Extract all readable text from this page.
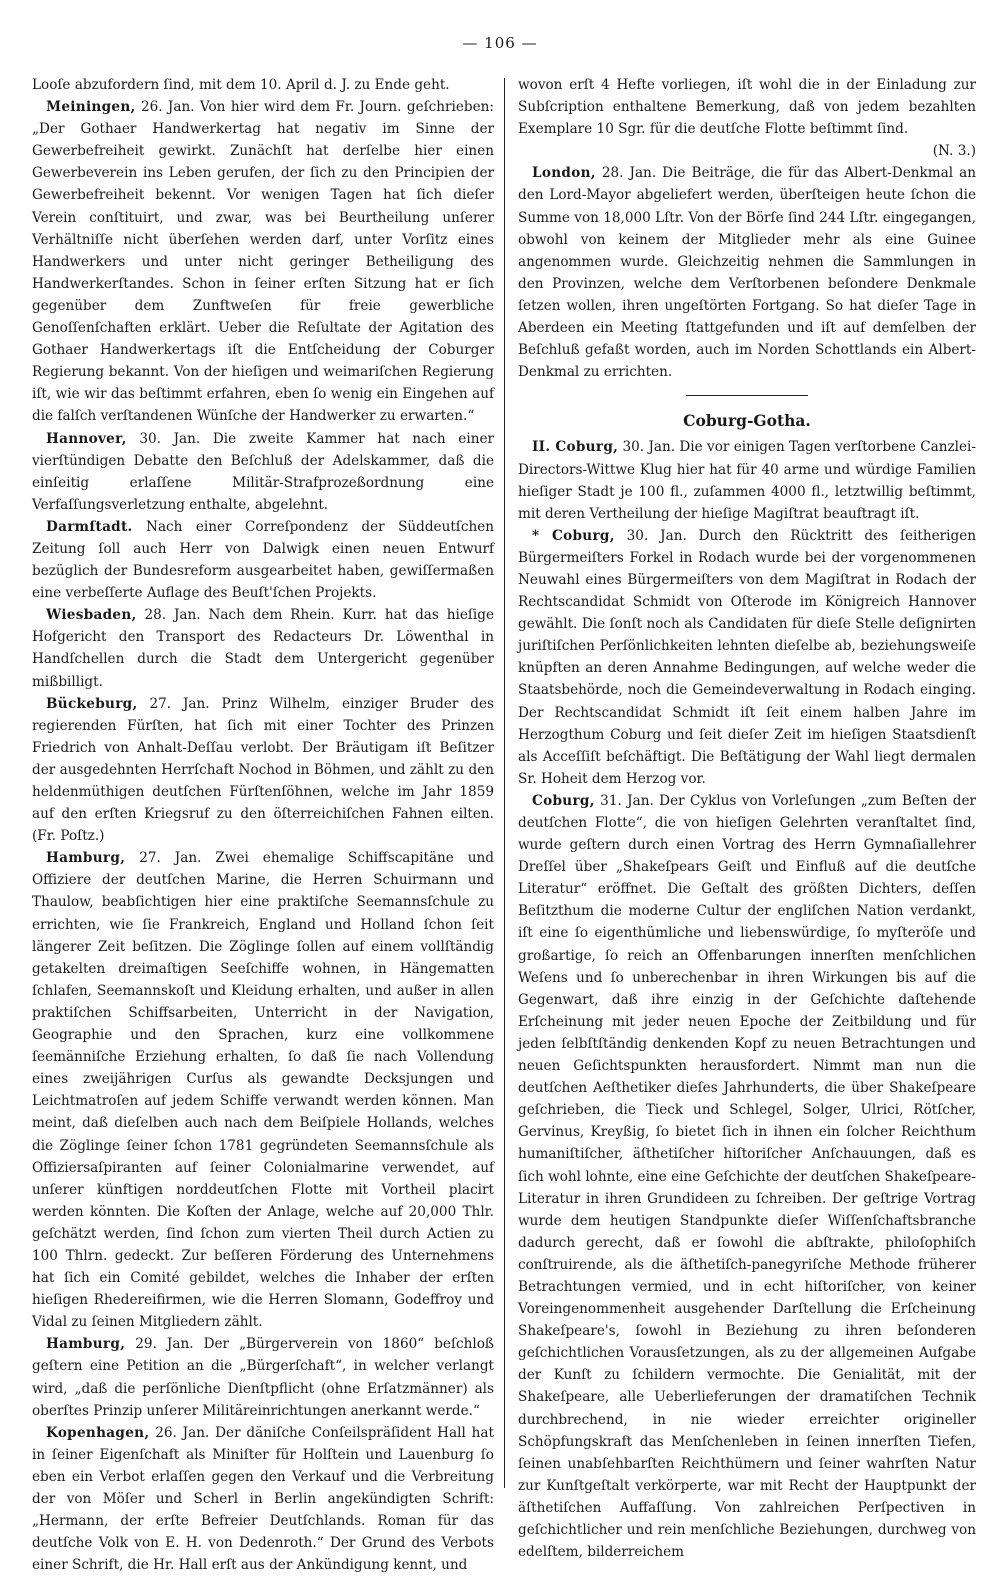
— 106 —

Looſe abzufordern ſind, mit dem 10. April d. J. zu Ende geht.

Meiningen, 26. Jan. Von hier wird dem Fr. Journ. geſchrieben: „Der Gothaer Handwerkertag hat negativ im Sinne der Gewerbefreiheit gewirkt. Zunächſt hat derſelbe hier einen Gewerbeverein ins Leben gerufen, der ſich zu den Principien der Gewerbefreiheit bekennt. Vor wenigen Tagen hat ſich dieſer Verein conſtituirt, und zwar, was bei Beurtheilung unſerer Verhältniſſe nicht überſehen werden darf, unter Vorſitz eines Handwerkers und unter nicht geringer Betheiligung des Handwerkerſtandes. Schon in ſeiner erſten Sitzung hat er ſich gegenüber dem Zunftweſen für freie gewerbliche Genoſſenſchaften erklärt. Ueber die Reſultate der Agitation des Gothaer Handwerkertags iſt die Entſcheidung der Coburger Regierung bekannt. Von der hieſigen und weimariſchen Regierung iſt, wie wir das beſtimmt erfahren, eben ſo wenig ein Eingehen auf die falſch verſtandenen Wünſche der Handwerker zu erwarten.“

Hannover, 30. Jan. Die zweite Kammer hat nach einer vierſtündigen Debatte den Beſchluß der Adelskammer, daß die einſeitig erlaſſene Militär-Strafprozeßordnung eine Verfaſſungsverletzung enthalte, abgelehnt.

Darmſtadt. Nach einer Correſpondenz der Süddeutſchen Zeitung ſoll auch Herr von Dalwigk einen neuen Entwurf bezüglich der Bundesreform ausgearbeitet haben, gewiſſermaßen eine verbeſſerte Auflage des Beuſt'ſchen Projekts.

Wiesbaden, 28. Jan. Nach dem Rhein. Kurr. hat das hieſige Hofgericht den Transport des Redacteurs Dr. Löwenthal in Handſchellen durch die Stadt dem Untergericht gegenüber mißbilligt.

Bückeburg, 27. Jan. Prinz Wilhelm, einziger Bruder des regierenden Fürſten, hat ſich mit einer Tochter des Prinzen Friedrich von Anhalt-Deſſau verlobt. Der Bräutigam iſt Beſitzer der ausgedehnten Herrſchaft Nochod in Böhmen, und zählt zu den heldenmüthigen deutſchen Fürſtenſöhnen, welche im Jahr 1859 auf den erſten Kriegsruf zu den öſterreichiſchen Fahnen eilten. (Fr. Poſtz.)

Hamburg, 27. Jan. Zwei ehemalige Schiffscapitäne und Offiziere der deutſchen Marine, die Herren Schuirmann und Thaulow, beabſichtigen hier eine praktiſche Seemannsſchule zu errichten, wie ſie Frankreich, England und Holland ſchon ſeit längerer Zeit beſitzen. Die Zöglinge ſollen auf einem vollſtändig getakelten dreimaſtigen Seeſchiffe wohnen, in Hängematten ſchlafen, Seemannskoſt und Kleidung erhalten, und außer in allen praktiſchen Schiffsarbeiten, Unterricht in der Navigation, Geographie und den Sprachen, kurz eine vollkommene ſeemänniſche Erziehung erhalten, ſo daß ſie nach Vollendung eines zweijährigen Curſus als gewandte Decksjungen und Leichtmatroſen auf jedem Schiffe verwandt werden können. Man meint, daß dieſelben auch nach dem Beiſpiele Hollands, welches die Zöglinge ſeiner ſchon 1781 gegründeten Seemannsſchule als Offiziersaſpiranten auf ſeiner Colonialmarine verwendet, auf unſerer künftigen norddeutſchen Flotte mit Vortheil placirt werden könnten. Die Koſten der Anlage, welche auf 20,000 Thlr. geſchätzt werden, ſind ſchon zum vierten Theil durch Actien zu 100 Thlrn. gedeckt. Zur beſſeren Förderung des Unternehmens hat ſich ein Comité gebildet, welches die Inhaber der erſten hieſigen Rhedereifirmen, wie die Herren Slomann, Godeffroy und Vidal zu ſeinen Mitgliedern zählt.

Hamburg, 29. Jan. Der „Bürgerverein von 1860“ beſchloß geſtern eine Petition an die „Bürgerſchaft“, in welcher verlangt wird, „daß die perſönliche Dienſtpflicht (ohne Erſatzmänner) als oberſtes Prinzip unſerer Militäreinrichtungen anerkannt werde.“

Kopenhagen, 26. Jan. Der däniſche Conſeilspräſident Hall hat in ſeiner Eigenſchaft als Miniſter für Holſtein und Lauenburg ſo eben ein Verbot erlaſſen gegen den Verkauf und die Verbreitung der von Möſer und Scherl in Berlin angekündigten Schrift: „Hermann, der erſte Befreier Deutſchlands. Roman für das deutſche Volk von E. H. von Dedenroth.“ Der Grund des Verbots einer Schrift, die Hr. Hall erſt aus der Ankündigung kennt, und

wovon erſt 4 Hefte vorliegen, iſt wohl die in der Einladung zur Subſcription enthaltene Bemerkung, daß von jedem bezahlten Exemplare 10 Sgr. für die deutſche Flotte beſtimmt ſind.

(N. 3.)

London, 28. Jan. Die Beiträge, die für das Albert-Denkmal an den Lord-Mayor abgeliefert werden, überſteigen heute ſchon die Summe von 18,000 Lſtr. Von der Börſe ſind 244 Lſtr. eingegangen, obwohl von keinem der Mitglieder mehr als eine Guinee angenommen wurde. Gleichzeitig nehmen die Sammlungen in den Provinzen, welche dem Verſtorbenen beſondere Denkmale ſetzen wollen, ihren ungeſtörten Fortgang. So hat dieſer Tage in Aberdeen ein Meeting ſtattgefunden und iſt auf demſelben der Beſchluß gefaßt worden, auch im Norden Schottlands ein Albert-Denkmal zu errichten.

Coburg-Gotha.

II. Coburg, 30. Jan. Die vor einigen Tagen verſtorbene Canzlei-Directors-Wittwe Klug hier hat für 40 arme und würdige Familien hieſiger Stadt je 100 fl., zuſammen 4000 fl., letztwillig beſtimmt, mit deren Vertheilung der hieſige Magiſtrat beauftragt iſt.

* Coburg, 30. Jan. Durch den Rücktritt des ſeitherigen Bürgermeiſters Forkel in Rodach wurde bei der vorgenommenen Neuwahl eines Bürgermeiſters von dem Magiſtrat in Rodach der Rechtscandidat Schmidt von Oſterode im Königreich Hannover gewählt. Die ſonſt noch als Candidaten für dieſe Stelle deſignirten juriſtiſchen Perſönlichkeiten lehnten dieſelbe ab, beziehungsweiſe knüpften an deren Annahme Bedingungen, auf welche weder die Staatsbehörde, noch die Gemeindeverwaltung in Rodach einging. Der Rechtscandidat Schmidt iſt ſeit einem halben Jahre im Herzogthum Coburg und ſeit dieſer Zeit im hieſigen Staatsdienſt als Acceſſiſt beſchäftigt. Die Beſtätigung der Wahl liegt dermalen Sr. Hoheit dem Herzog vor.

Coburg, 31. Jan. Der Cyklus von Vorleſungen „zum Beſten der deutſchen Flotte“, die von hieſigen Gelehrten veranſtaltet ſind, wurde geſtern durch einen Vortrag des Herrn Gymnaſiallehrer Dreſſel über „Shakeſpears Geiſt und Einfluß auf die deutſche Literatur“ eröffnet. Die Geſtalt des größten Dichters, deſſen Beſitzthum die moderne Cultur der engliſchen Nation verdankt, iſt eine ſo eigenthümliche und liebenswürdige, ſo myſteröſe und großartige, ſo reich an Offenbarungen innerſten menſchlichen Weſens und ſo unberechenbar in ihren Wirkungen bis auf die Gegenwart, daß ihre einzig in der Geſchichte daſtehende Erſcheinung mit jeder neuen Epoche der Zeitbildung und für jeden ſelbſtſtändig denkenden Kopf zu neuen Betrachtungen und neuen Geſichtspunkten herausfordert. Nimmt man nun die deutſchen Aeſthetiker dieſes Jahrhunderts, die über Shakeſpeare geſchrieben, die Tieck und Schlegel, Solger, Ulrici, Rötſcher, Gervinus, Kreyßig, ſo bietet ſich in ihnen ein ſolcher Reichthum humaniſtiſcher, äſthetiſcher hiſtoriſcher Anſchauungen, daß es ſich wohl lohnte, eine eine Geſchichte der deutſchen Shakeſpeare-Literatur in ihren Grundideen zu ſchreiben. Der geſtrige Vortrag wurde dem heutigen Standpunkte dieſer Wiſſenſchaftsbranche dadurch gerecht, daß er ſowohl die abſtrakte, philoſophiſch conſtruirende, als die äſthetiſch-panegyriſche Methode früherer Betrachtungen vermied, und in echt hiſtoriſcher, von keiner Voreingenommenheit ausgehender Darſtellung die Erſcheinung Shakeſpeare's, ſowohl in Beziehung zu ihren beſonderen geſchichtlichen Vorausſetzungen, als zu der allgemeinen Aufgabe der Kunſt zu ſchildern vermochte. Die Genialität, mit der Shakeſpeare, alle Ueberlieferungen der dramatiſchen Technik durchbrechend, in nie wieder erreichter origineller Schöpfungskraft das Menſchenleben in ſeinen innerſten Tiefen, ſeinen unabſehbarſten Reichthümern und ſeiner wahrſten Natur zur Kunſtgeſtalt verkörperte, war mit Recht der Hauptpunkt der äſthetiſchen Auffaſſung. Von zahlreichen Perſpectiven in geſchichtlicher und rein menſchliche Beziehungen, durchweg von edelſtem, bilderreichem
